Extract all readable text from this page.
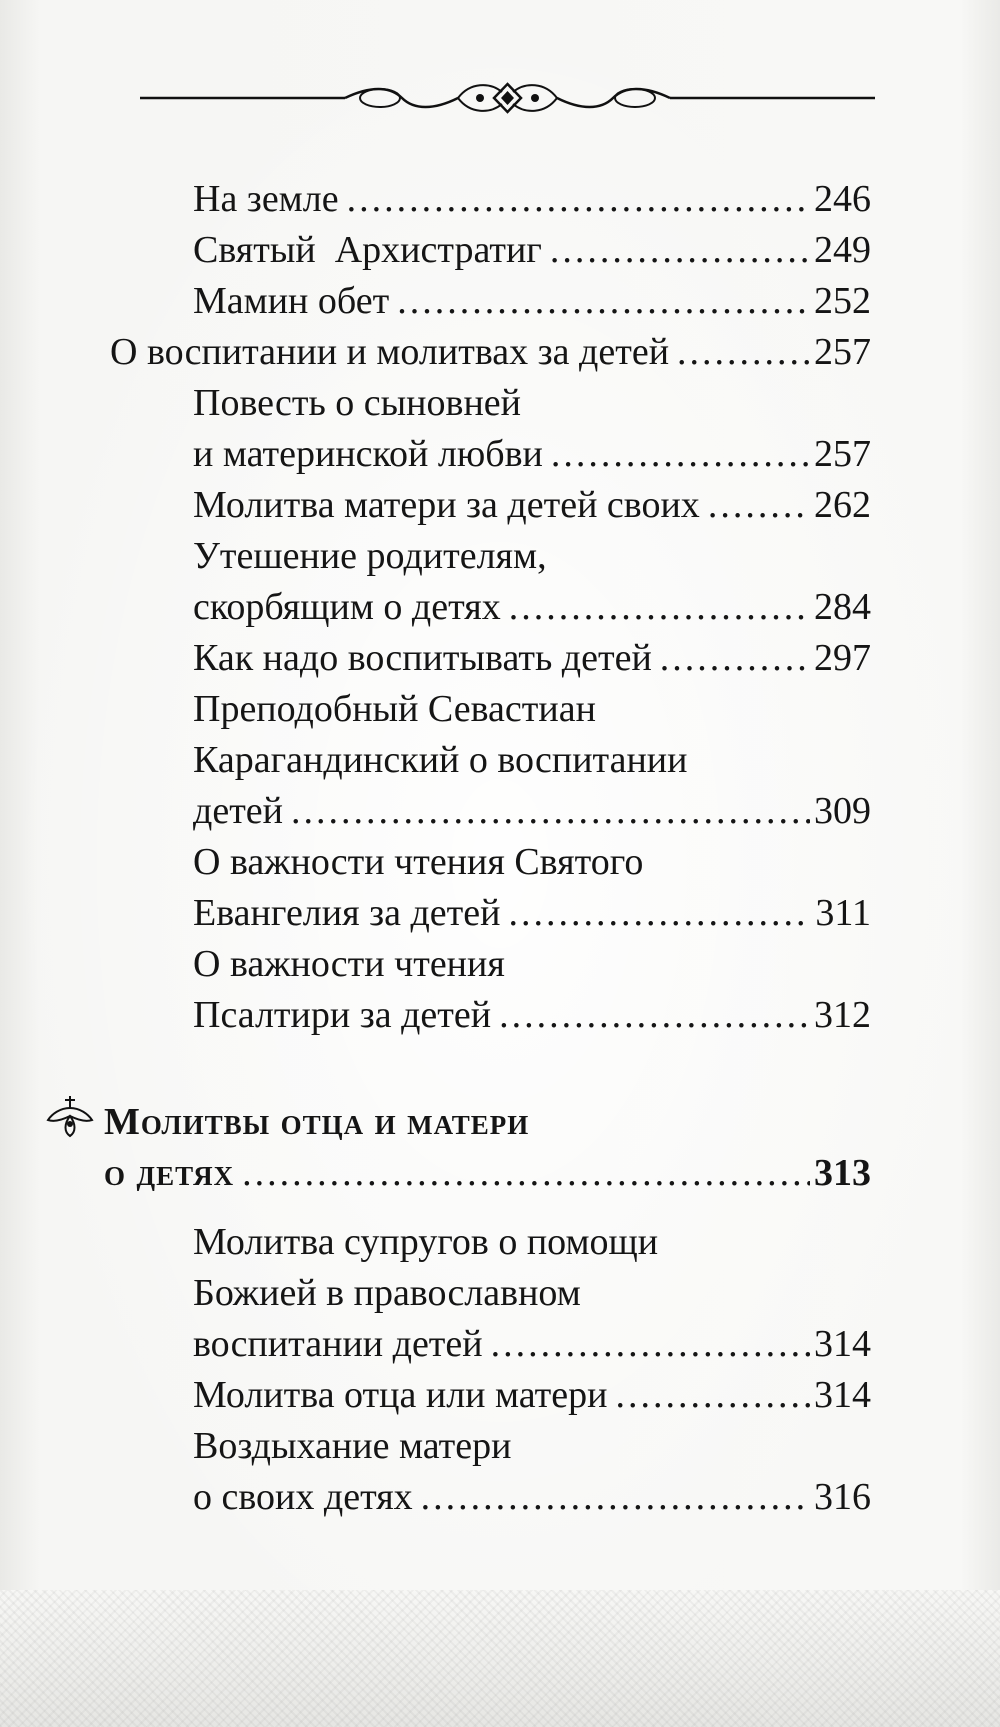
На земле .....	246
Святый  Архистратиг .....	249
Мамин обет .....	252
О воспитании и молитвах за детей .....	257
Повесть о сыновней
и материнской любви .....	257
Молитва матери за детей своих .....	262
Утешение родителям,
скорбящим о детях .....	284
Как надо воспитывать детей .....	297
Преподобный Севастиан
Карагандинский о воспитании
детей .....	309
О важности чтения Святого
Евангелия за детей .....	311
О важности чтения
Псалтири за детей .....	312
Молитвы отца и матери
о детях .....	313
Молитва супругов о помощи
Божией в православном
воспитании детей .....	314
Молитва отца или матери .....	314
Воздыхание матери
о своих детях .....	316
